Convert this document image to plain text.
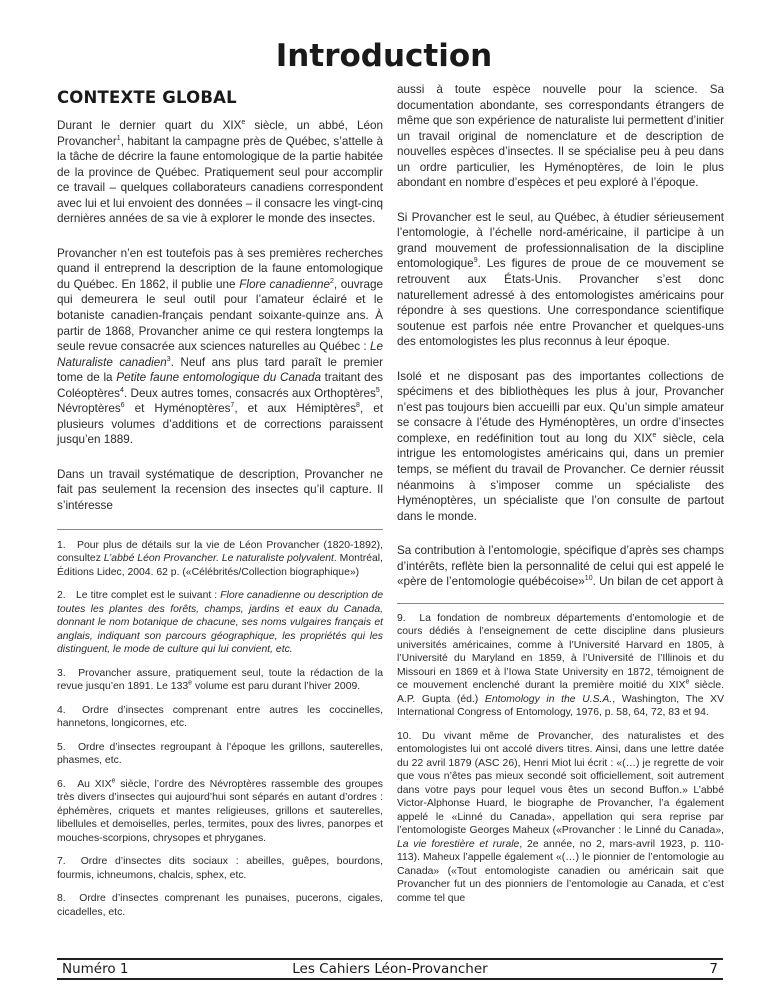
Introduction
CONTEXTE GLOBAL

Durant le dernier quart du XIXe siècle, un abbé, Léon Provancher$^1$, habitant la campagne près de Québec, s’attelle à la tâche de décrire la faune entomologique de la partie habitée de la province de Québec. Pratiquement seul pour accomplir ce travail – quelques collaborateurs canadiens correspondent avec lui et lui envoient des données – il consacre les vingt-cinq dernières années de sa vie à explorer le monde des insectes.

Provancher n’en est toutefois pas à ses premières recherches quand il entreprend la description de la faune entomologique du Québec. En 1862, il publie une Flore canadienne$^2$, ouvrage qui demeurera le seul outil pour l’amateur éclairé et le botaniste canadien-français pendant soixante-quinze ans. À partir de 1868, Provancher anime ce qui restera longtemps la seule revue consacrée aux sciences naturelles au Québec : Le Naturaliste canadien$^3$. Neuf ans plus tard paraît le premier tome de la Petite faune entomologique du Canada traitant des Coléoptères$^4$. Deux autres tomes, consacrés aux Orthoptères$^5$, Névroptères$^6$ et Hyménoptères$^7$, et aux Hémiptères$^8$, et plusieurs volumes d’additions et de corrections paraissent jusqu’en 1889.

Dans un travail systématique de description, Provancher ne fait pas seulement la recension des insectes qu’il capture. Il s’intéresse

1. Pour plus de détails sur la vie de Léon Provancher (1820-1892), consultez L’abbé Léon Provancher. Le naturaliste polyvalent. Montréal, Éditions Lidec, 2004. 62 p. («Célébrités/Collection biographique»)

2. Le titre complet est le suivant : Flore canadienne ou description de toutes les plantes des forêts, champs, jardins et eaux du Canada, donnant le nom botanique de chacune, ses noms vulgaires français et anglais, indiquant son parcours géographique, les propriétés qui les distinguent, le mode de culture qui lui convient, etc.

3. Provancher assure, pratiquement seul, toute la rédaction de la revue jusqu’en 1891. Le 133e volume est paru durant l’hiver 2009.

4. Ordre d’insectes comprenant entre autres les coccinelles, hannetons, longicornes, etc.

5. Ordre d’insectes regroupant à l’époque les grillons, sauterelles, phasmes, etc.

6. Au XIXe siècle, l’ordre des Névroptères rassemble des groupes très divers d’insectes qui aujourd’hui sont séparés en autant d’ordres : éphémères, criquets et mantes religieuses, grillons et sauterelles, libellules et demoiselles, perles, termites, poux des livres, panorpes et mouches-scorpions, chrysopes et phryganes.

7. Ordre d’insectes dits sociaux : abeilles, guêpes, bourdons, fourmis, ichneumons, chalcis, sphex, etc.

8. Ordre d’insectes comprenant les punaises, pucerons, cigales, cicadelles, etc.

aussi à toute espèce nouvelle pour la science. Sa documentation abondante, ses correspondants étrangers de même que son expérience de naturaliste lui permettent d’initier un travail original de nomenclature et de description de nouvelles espèces d’insectes. Il se spécialise peu à peu dans un ordre particulier, les Hyménoptères, de loin le plus abondant en nombre d’espèces et peu exploré à l’époque.

Si Provancher est le seul, au Québec, à étudier sérieusement l’entomologie, à l’échelle nord-américaine, il participe à un grand mouvement de professionnalisation de la discipline entomologique$^9$. Les figures de proue de ce mouvement se retrouvent aux États-Unis. Provancher s’est donc naturellement adressé à des entomologistes américains pour répondre à ses questions. Une correspondance scientifique soutenue est parfois née entre Provancher et quelques-uns des entomologistes les plus reconnus à leur époque.

Isolé et ne disposant pas des importantes collections de spécimens et des bibliothèques les plus à jour, Provancher n’est pas toujours bien accueilli par eux. Qu’un simple amateur se consacre à l’étude des Hyménoptères, un ordre d’insectes complexe, en redéfinition tout au long du XIXe siècle, cela intrigue les entomologistes américains qui, dans un premier temps, se méfient du travail de Provancher. Ce dernier réussit néanmoins à s’imposer comme un spécialiste des Hyménoptères, un spécialiste que l’on consulte de partout dans le monde.

Sa contribution à l’entomologie, spécifique d’après ses champs d’intérêts, reflète bien la personnalité de celui qui est appelé le «père de l’entomologie québécoise»$^{10}$. Un bilan de cet apport à

9. La fondation de nombreux départements d’entomologie et de cours dédiés à l’enseignement de cette discipline dans plusieurs universités américaines, comme à l’Université Harvard en 1805, à l’Université du Maryland en 1859, à l’Université de l’Illinois et du Missouri en 1869 et à l’Iowa State University en 1872, témoignent de ce mouvement enclenché durant la première moitié du XIXe siècle. A.P. Gupta (éd.) Entomology in the U.S.A., Washington, The XV International Congress of Entomology, 1976, p. 58, 64, 72, 83 et 94.

10. Du vivant même de Provancher, des naturalistes et des entomologistes lui ont accolé divers titres. Ainsi, dans une lettre datée du 22 avril 1879 (ASC 26), Henri Miot lui écrit : «(…) je regrette de voir que vous n’êtes pas mieux secondé soit officiellement, soit autrement dans votre pays pour lequel vous êtes un second Buffon.» L’abbé Victor-Alphonse Huard, le biographe de Provancher, l’a également appelé le «Linné du Canada», appellation qui sera reprise par l’entomologiste Georges Maheux («Provancher : le Linné du Canada», La vie forestière et rurale, 2e année, no 2, mars-avril 1923, p. 110-113). Maheux l’appelle également «(…) le pionnier de l’entomologie au Canada» («Tout entomologiste canadien ou américain sait que Provancher fut un des pionniers de l’entomologie au Canada, et c’est comme tel que

Numéro 1	Les Cahiers Léon-Provancher	7
